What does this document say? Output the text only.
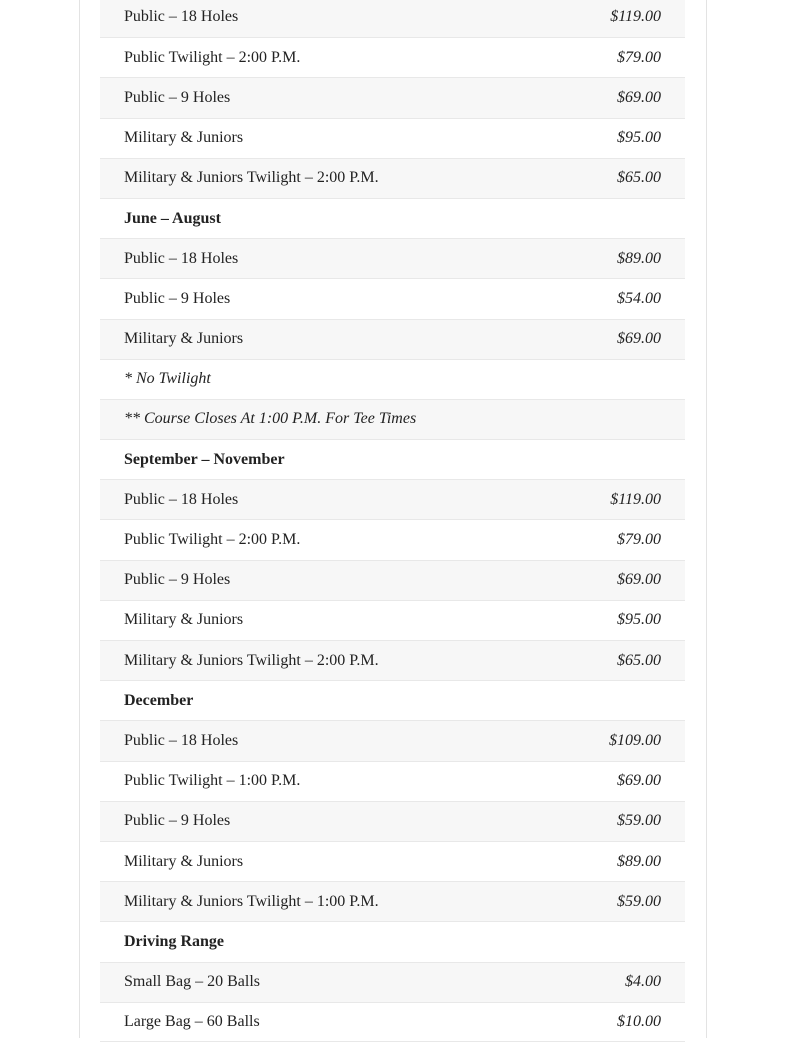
Public – 18 Holes	$119.00
Public Twilight – 2:00 P.M.	$79.00
Public – 9 Holes	$69.00
Military & Juniors	$95.00
Military & Juniors Twilight – 2:00 P.M.	$65.00
June – August
Public – 18 Holes	$89.00
Public – 9 Holes	$54.00
Military & Juniors	$69.00
* No Twilight
** Course Closes At 1:00 P.M. For Tee Times
September – November
Public – 18 Holes	$119.00
Public Twilight – 2:00 P.M.	$79.00
Public – 9 Holes	$69.00
Military & Juniors	$95.00
Military & Juniors Twilight – 2:00 P.M.	$65.00
December
Public – 18 Holes	$109.00
Public Twilight – 1:00 P.M.	$69.00
Public – 9 Holes	$59.00
Military & Juniors	$89.00
Military & Juniors Twilight – 1:00 P.M.	$59.00
Driving Range
Small Bag – 20 Balls	$4.00
Large Bag – 60 Balls	$10.00
